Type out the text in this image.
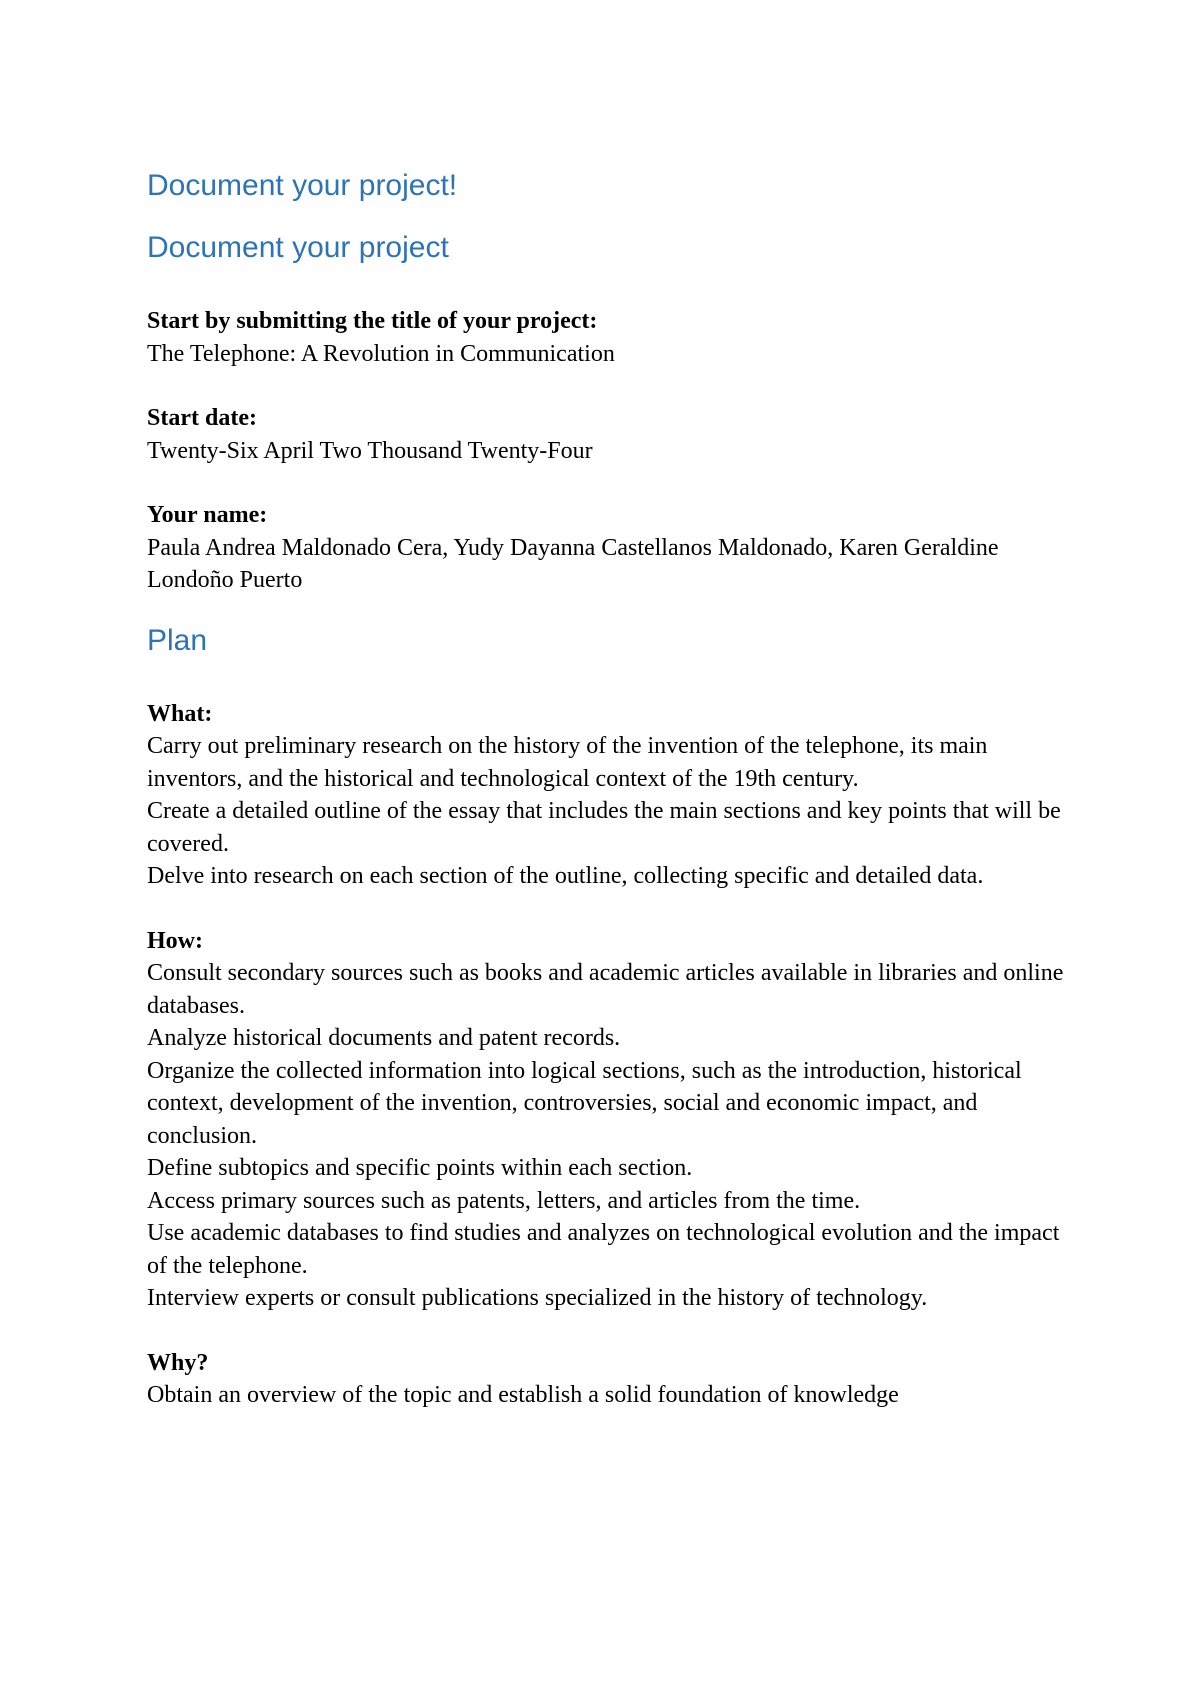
Document your project!
Document your project

Start by submitting the title of your project:

The Telephone: A Revolution in Communication

Start date:

Twenty-Six April Two Thousand Twenty-Four

Your name:

Paula Andrea Maldonado Cera, Yudy Dayanna Castellanos Maldonado, Karen Geraldine Londoño Puerto

Plan

What:

Carry out preliminary research on the history of the invention of the telephone, its main inventors, and the historical and technological context of the 19th century.

Create a detailed outline of the essay that includes the main sections and key points that will be covered.

Delve into research on each section of the outline, collecting specific and detailed data.

How:

Consult secondary sources such as books and academic articles available in libraries and online databases.

Analyze historical documents and patent records.

Organize the collected information into logical sections, such as the introduction, historical context, development of the invention, controversies, social and economic impact, and conclusion.

Define subtopics and specific points within each section.

Access primary sources such as patents, letters, and articles from the time.

Use academic databases to find studies and analyzes on technological evolution and the impact of the telephone.

Interview experts or consult publications specialized in the history of technology.

Why?

Obtain an overview of the topic and establish a solid foundation of knowledge
